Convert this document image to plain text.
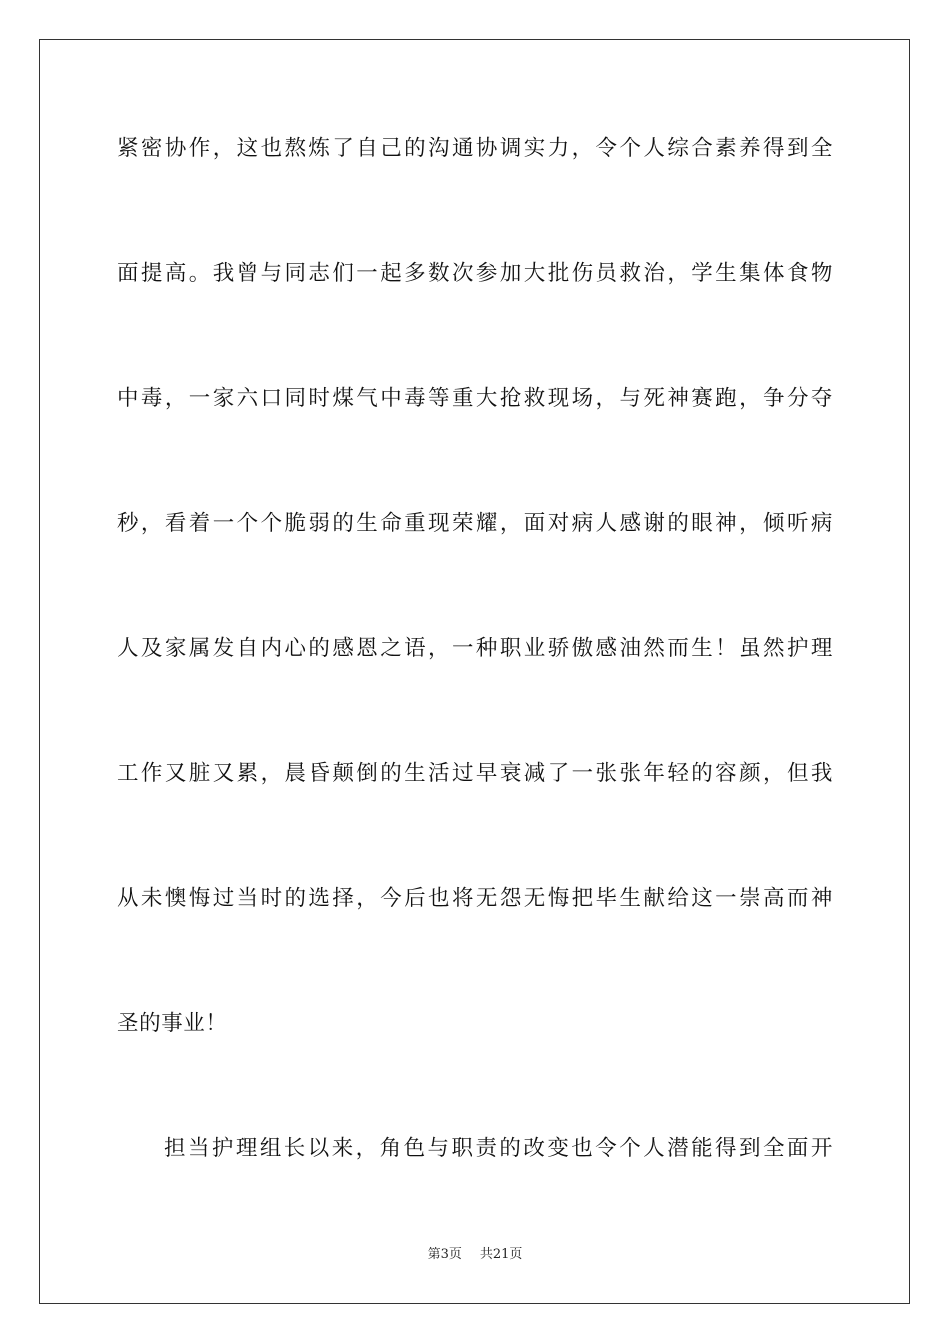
紧密协作，这也熬炼了自己的沟通协调实力，令个人综合素养得到全
面提高。我曾与同志们一起多数次参加大批伤员救治，学生集体食物
中毒，一家六口同时煤气中毒等重大抢救现场，与死神赛跑，争分夺
秒，看着一个个脆弱的生命重现荣耀，面对病人感谢的眼神，倾听病
人及家属发自内心的感恩之语，一种职业骄傲感油然而生！虽然护理
工作又脏又累，晨昏颠倒的生活过早衰减了一张张年轻的容颜，但我
从未懊悔过当时的选择，今后也将无怨无悔把毕生献给这一崇高而神
圣的事业！
担当护理组长以来，角色与职责的改变也令个人潜能得到全面开
第3页 共21页
